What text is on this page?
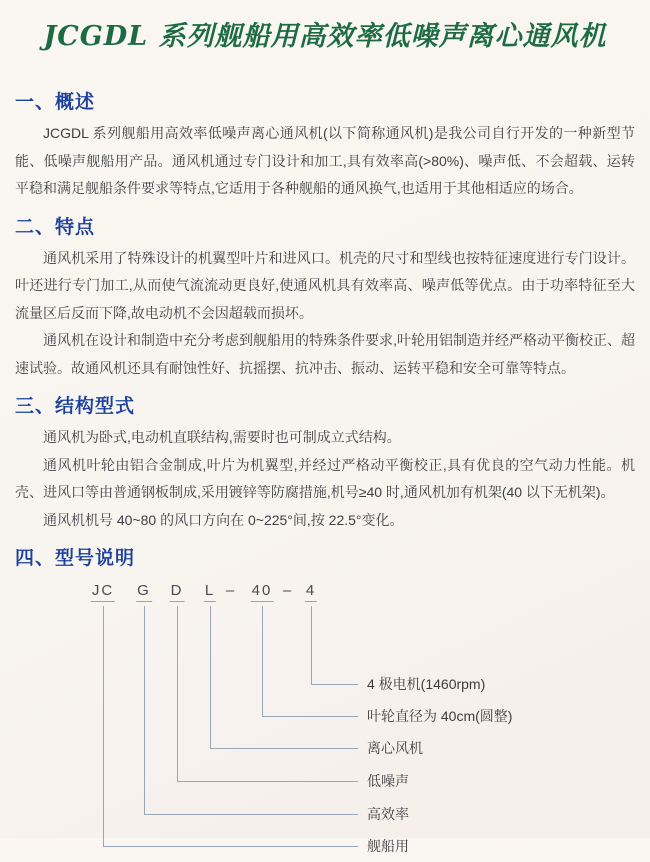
JCGDL 系列舰船用高效率低噪声离心通风机
一、概述

JCGDL 系列舰船用高效率低噪声离心通风机(以下简称通风机)是我公司自行开发的一种新型节能、低噪声舰船用产品。通风机通过专门设计和加工,具有效率高(>80%)、噪声低、不会超载、运转平稳和满足舰船条件要求等特点,它适用于各种舰船的通风换气,也适用于其他相适应的场合。

二、特点

通风机采用了特殊设计的机翼型叶片和进风口。机壳的尺寸和型线也按特征速度进行专门设计。叶还进行专门加工,从而使气流流动更良好,使通风机具有效率高、噪声低等优点。由于功率特征至大流量区后反而下降,故电动机不会因超载而损坏。

通风机在设计和制造中充分考虑到舰船用的特殊条件要求,叶轮用铝制造并经严格动平衡校正、超速试验。故通风机还具有耐蚀性好、抗摇摆、抗冲击、振动、运转平稳和安全可靠等特点。

三、结构型式

通风机为卧式,电动机直联结构,需要时也可制成立式结构。

通风机叶轮由铝合金制成,叶片为机翼型,并经过严格动平衡校正,具有优良的空气动力性能。机壳、进风口等由普通钢板制成,采用镀锌等防腐措施,机号≥40 时,通风机加有机架(40 以下无机架)。

通风机机号 40~80 的风口方向在 0~225°间,按 22.5°变化。

四、型号说明
–	–
JC
舰船用
G
高效率
D
低噪声
L
离心风机
40
叶轮直径为 40cm(圆整)
4
4 极电机(1460rpm)
